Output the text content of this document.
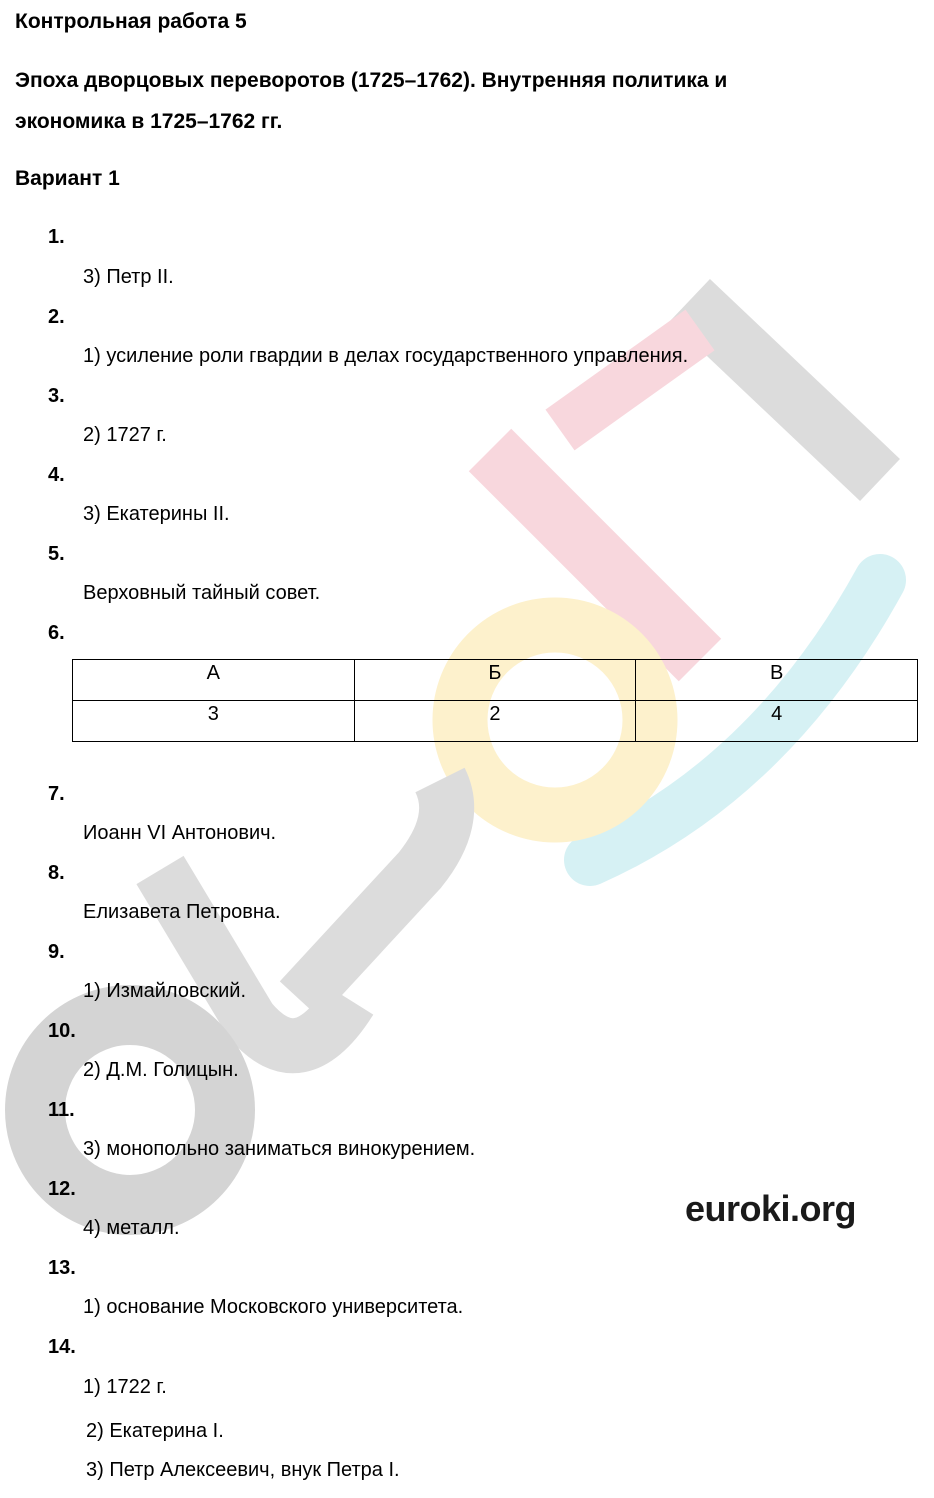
Контрольная работа 5
Эпоха дворцовых переворотов (1725–1762). Внутренняя политика и
экономика в 1725–1762 гг.
Вариант 1
1.
3) Петр II.
2.
1) усиление роли гвардии в делах государственного управления.
3.
2) 1727 г.
4.
3) Екатерины II.
5.
Верховный тайный совет.
6.
А	Б	В
3	2	4
7.
Иоанн VI Антонович.
8.
Елизавета Петровна.
9.
1) Измайловский.
10.
2) Д.М. Голицын.
11.
3) монопольно заниматься винокурением.
12.
4) металл.
13.
1) основание Московского университета.
14.
1) 1722 г.
2) Екатерина I.
3) Петр Алексеевич, внук Петра I.
euroki.org
